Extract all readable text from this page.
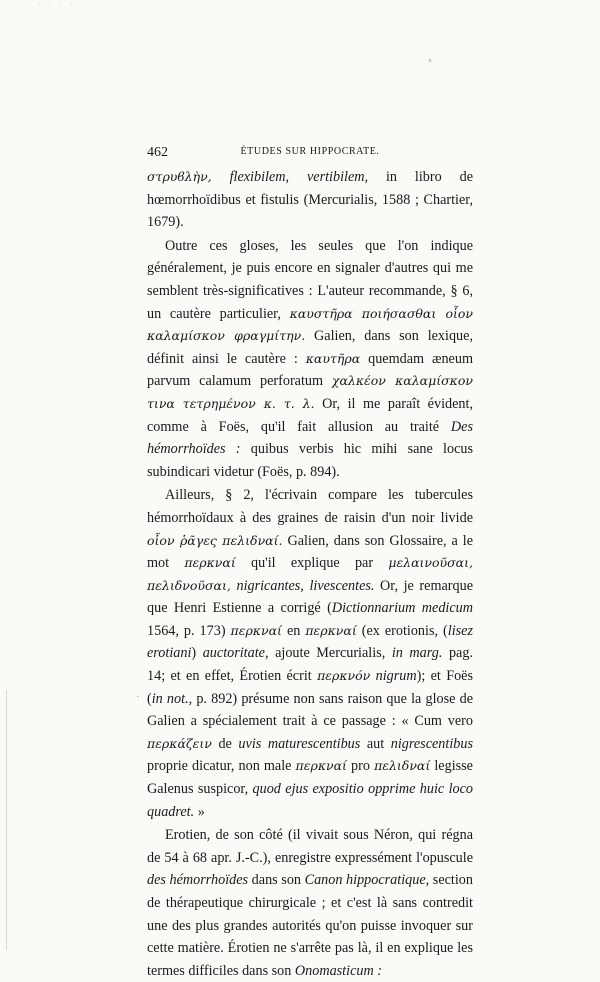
· · · ·
˟
·
462	ÉTUDES SUR HIPPOCRATE.

στρυϐλὴν, flexibilem, vertibilem, in libro de hœmorrhoïdibus et fistulis (Mercurialis, 1588 ; Chartier, 1679).

Outre ces gloses, les seules que l'on indique généralement, je puis encore en signaler d'autres qui me semblent très-significatives : L'auteur recommande, § 6, un cautère particulier, καυστῆρα ποιήσασθαι οἷον καλαμίσκον φραγμίτην. Galien, dans son lexique, définit ainsi le cautère : καυτῆρα quemdam æneum parvum calamum perforatum χαλκέον καλαμίσκον τινα τετρημένον κ. τ. λ. Or, il me paraît évident, comme à Foës, qu'il fait allusion au traité Des hémorrhoïdes : quibus verbis hic mihi sane locus subindicari videtur (Foës, p. 894).

Ailleurs, § 2, l'écrivain compare les tubercules hémorrhoïdaux à des graines de raisin d'un noir livide οἷον ῥᾶγες πελιδναί. Galien, dans son Glossaire, a le mot περκναί qu'il explique par μελαινοῦσαι, πελιδνοῦσαι, nigricantes, livescentes. Or, je remarque que Henri Estienne a corrigé (Dictionnarium medicum 1564, p. 173) περκναί en περκναί (ex erotionis, (lisez erotiani) auctoritate, ajoute Mercurialis, in marg. pag. 14; et en effet, Érotien écrit περκνόν nigrum); et Foës (in not., p. 892) présume non sans raison que la glose de Galien a spécialement trait à ce passage : « Cum vero περκάζειν de uvis maturescentibus aut nigrescentibus proprie dicatur, non male περκναί pro πελιδναί legisse Galenus suspicor, quod ejus expositio opprime huic loco quadret. »

Erotien, de son côté (il vivait sous Néron, qui régna de 54 à 68 apr. J.-C.), enregistre expressément l'opuscule des hémorrhoïdes dans son Canon hippocratique, section de thérapeutique chirurgicale ; et c'est là sans contredit une des plus grandes autorités qu'on puisse invoquer sur cette matière. Érotien ne s'arrête pas là, il en explique les termes difficiles dans son Onomasticum :
